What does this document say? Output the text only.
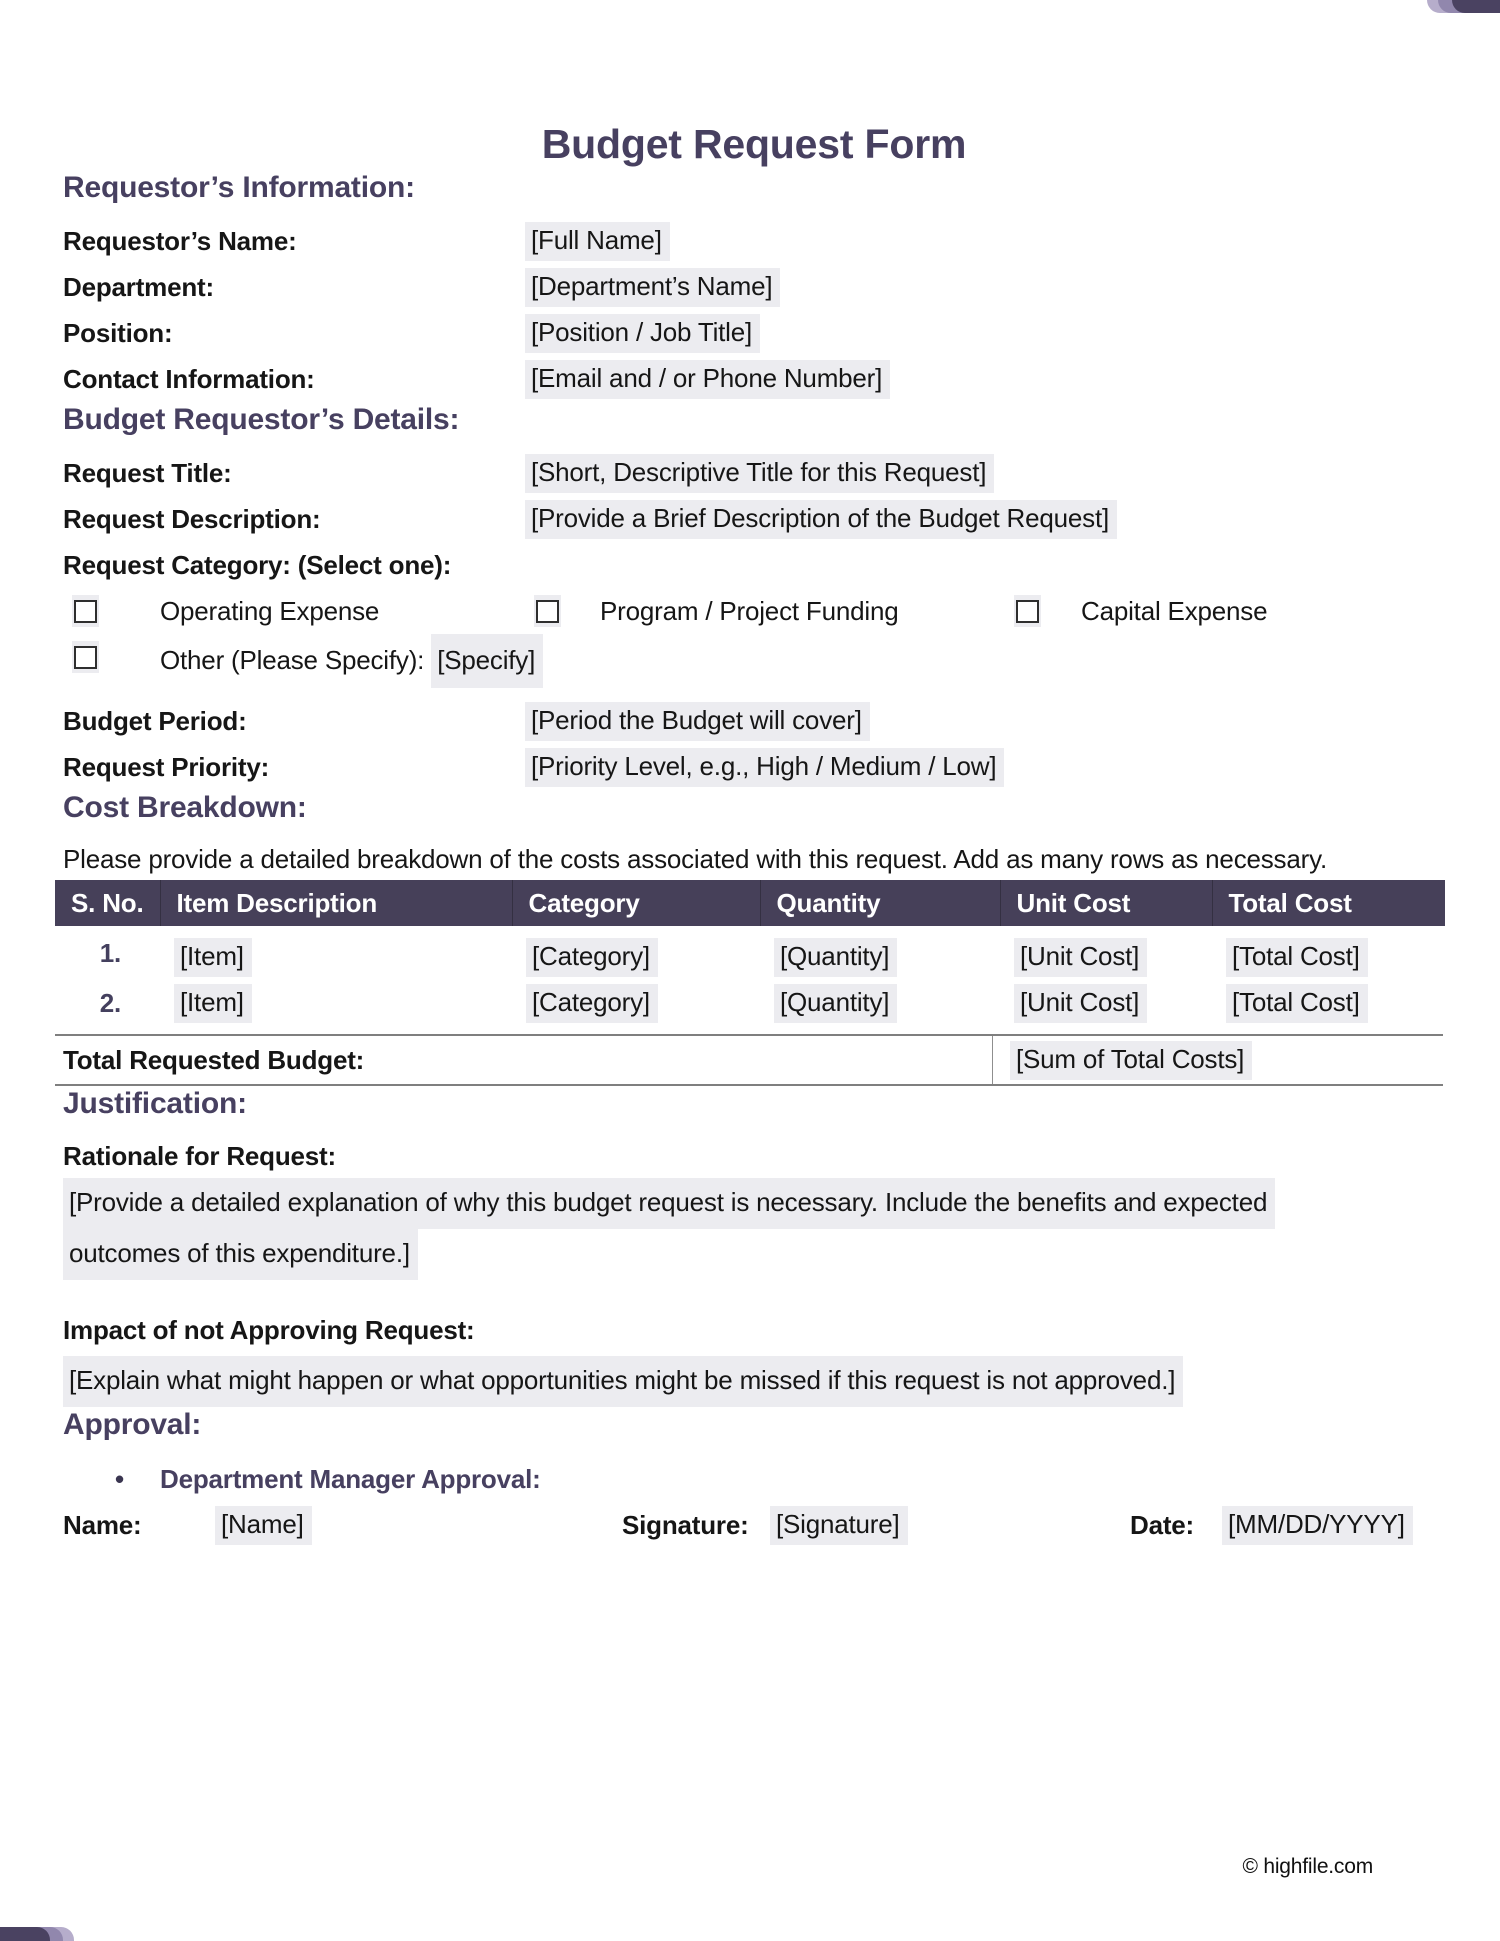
Budget Request Form
Requestor’s Information:
Requestor’s Name:	[Full Name]
Department:	[Department’s Name]
Position:	[Position / Job Title]
Contact Information:	[Email and / or Phone Number]
Budget Requestor’s Details:
Request Title:	[Short, Descriptive Title for this Request]
Request Description:	[Provide a Brief Description of the Budget Request]
Request Category: (Select one):
Operating Expense	Program / Project Funding	Capital Expense
Other (Please Specify): [Specify]
Budget Period:	[Period the Budget will cover]
Request Priority:	[Priority Level, e.g., High / Medium / Low]
Cost Breakdown:
Please provide a detailed breakdown of the costs associated with this request. Add as many rows as necessary.
S. No.	Item Description	Category	Quantity	Unit Cost	Total Cost
1.	[Item]	[Category]	[Quantity]	[Unit Cost]	[Total Cost]
2.	[Item]	[Category]	[Quantity]	[Unit Cost]	[Total Cost]
Total Requested Budget:	[Sum of Total Costs]
Justification:
Rationale for Request:
[Provide a detailed explanation of why this budget request is necessary. Include the benefits and expected
outcomes of this expenditure.]
Impact of not Approving Request:
[Explain what might happen or what opportunities might be missed if this request is not approved.]
Approval:
• Department Manager Approval:
Name:	[Name]	Signature: [Signature]	Date: [MM/DD/YYYY]
© highfile.com
